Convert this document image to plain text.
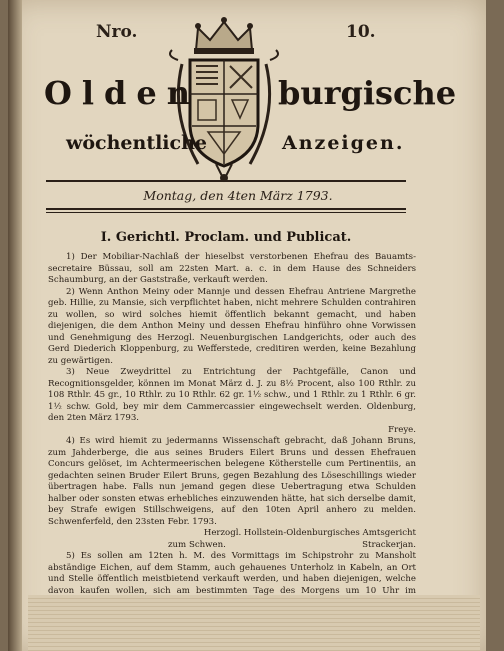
Nro.	10.
Olden burgische
wöchentliche	Anzeigen.
Montag, den 4ten März 1793.
I. Gerichtl. Proclam. und Publicat.

1) Der Mobiliar-Nachlaß der hieselbst verstorbenen Ehefrau des Bauamts-secretaire Büssau, soll am 22sten Mart. a. c. in dem Hause des Schneiders Schaumburg, an der Gaststraße, verkauft werden.

2) Wenn Anthon Meiny oder Mannje und dessen Ehefrau Antriene Margrethe geb. Hillie, zu Mansie, sich verpflichtet haben, nicht mehrere Schulden contrahiren zu wollen, so wird solches hiemit öffentlich bekannt gemacht, und haben diejenigen, die dem Anthon Meiny und dessen Ehefrau hinführo ohne Vorwissen und Genehmigung des Herzogl. Neuenburgischen Landgerichts, oder auch des Gerd Diederich Kloppenburg, zu Wefferstede, creditiren werden, keine Bezahlung zu gewärtigen.

3) Neue Zweydrittel zu Entrichtung der Pachtgefälle, Canon und Recognitionsgelder, können im Monat März d. J. zu 8½ Procent, also 100 Rthlr. zu 108 Rthlr. 45 gr., 10 Rthlr. zu 10 Rthlr. 62 gr. 1½ schw., und 1 Rthlr. zu 1 Rthlr. 6 gr. 1½ schw. Gold, bey mir dem Cammercassier eingewechselt werden. Oldenburg, den 2ten März 1793.

Freye.

4) Es wird hiemit zu jedermanns Wissenschaft gebracht, daß Johann Bruns, zum Jahderberge, die aus seines Bruders Eilert Bruns und dessen Ehefrauen Concurs gelöset, im Achtermeerischen belegene Kötherstelle cum Pertinentiis, an gedachten seinen Bruder Eilert Bruns, gegen Bezahlung des Löseschillings wieder übertragen habe. Falls nun jemand gegen diese Uebertragung etwa Schulden halber oder sonsten etwas erhebliches einzuwenden hätte, hat sich derselbe damit, bey Strafe ewigen Stillschweigens, auf den 10ten April anhero zu melden. Schwenferfeld, den 23sten Febr. 1793.

Herzogl. Hollstein-Oldenburgisches Amtsgericht

zum Schwen.	Strackerjan.

5) Es sollen am 12ten h. M. des Vormittags im Schipstrohr zu Mansholt abständige Eichen, auf dem Stamm, auch gehauenes Unterholz in Kabeln, an Ort und Stelle öffentlich meistbietend verkauft werden, und haben diejenigen, welche davon kaufen wollen, sich am bestimmten Tage des Morgens um 10 Uhr im
